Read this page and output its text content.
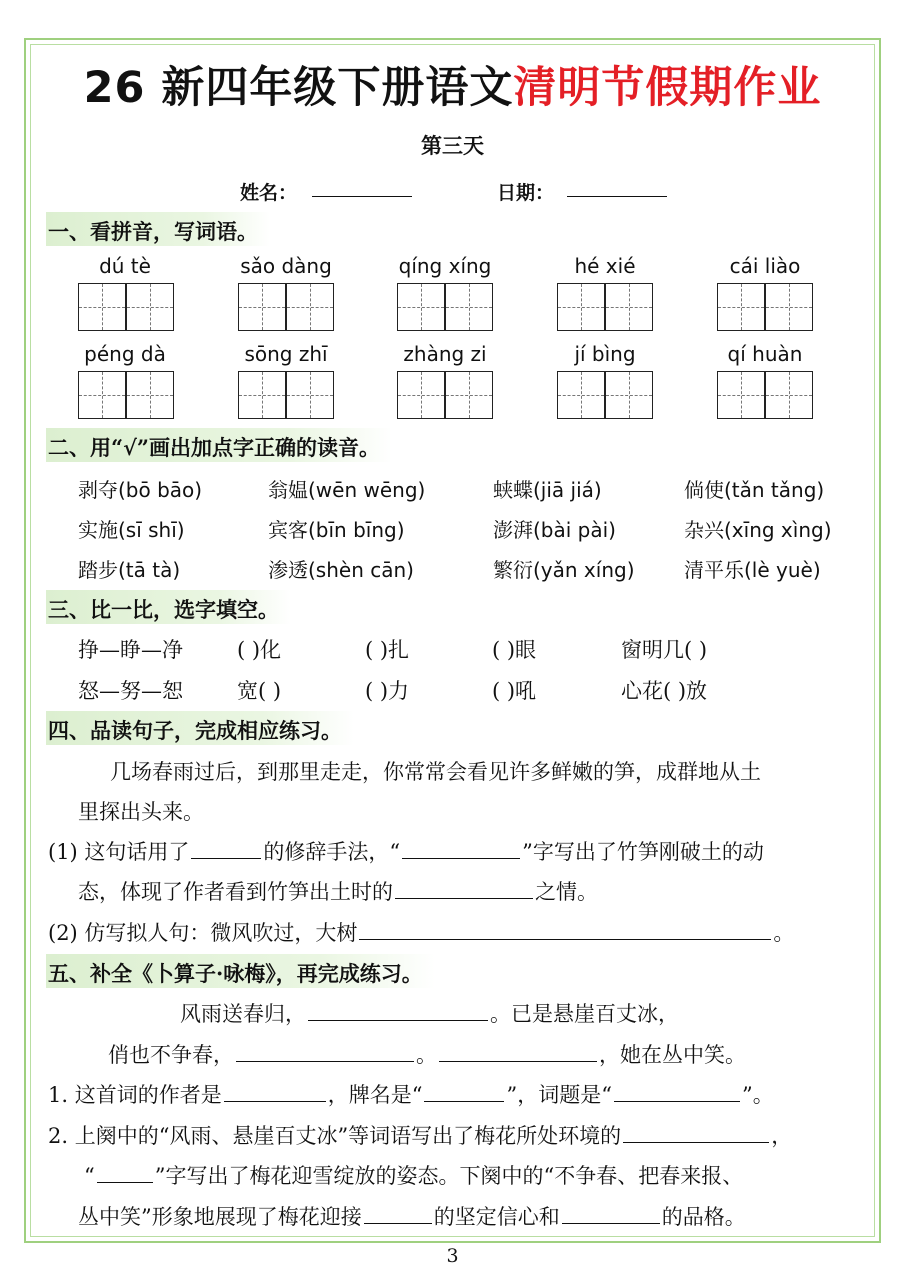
26 新四年级下册语文清明节假期作业
第三天
姓名：	日期：
一、看拼音，写词语。
dú tè	sǎo dàng	qíng xíng	hé xié	cái liào
péng dà	sōng zhī	zhàng zi	jí bìng	qí huàn
二、用“√”画出加点字正确的读音。
剥夺(bō bāo)	翁媪(wēn wēng)	蛱蝶(jiā jiá)	倘使(tǎn tǎng)
实施(sī shī)	宾客(bīn bīng)	澎湃(bài pài)	杂兴(xīng xìng)
踏步(tā tà)	渗透(shèn cān)	繁衍(yǎn xíng) 清平乐(lè yuè)
三、比一比，选字填空。
挣—睁—净	( )化	( )扎	( )眼	窗明几( )
怒—努—恕	宽( )	( )力	( )吼	心花( )放
四、品读句子，完成相应练习。
几场春雨过后，到那里走走，你常常会看见许多鲜嫩的笋，成群地从土
里探出头来。
(1) 这句话用了	的修辞手法，“	”字写出了竹笋刚破土的动
态，体现了作者看到竹笋出土时的	之情。
(2) 仿写拟人句：微风吹过，大树	。
五、补全《卜算子·咏梅》，再完成练习。
风雨送春归，	。已是悬崖百丈冰，
俏也不争春，	。	，她在丛中笑。
1. 这首词的作者是	，牌名是“	”，词题是“	”。
2. 上阕中的“风雨、悬崖百丈冰”等词语写出了梅花所处环境的	，
“	”字写出了梅花迎雪绽放的姿态。下阕中的“不争春、把春来报、
丛中笑”形象地展现了梅花迎接	的坚定信心和	的品格。
3
